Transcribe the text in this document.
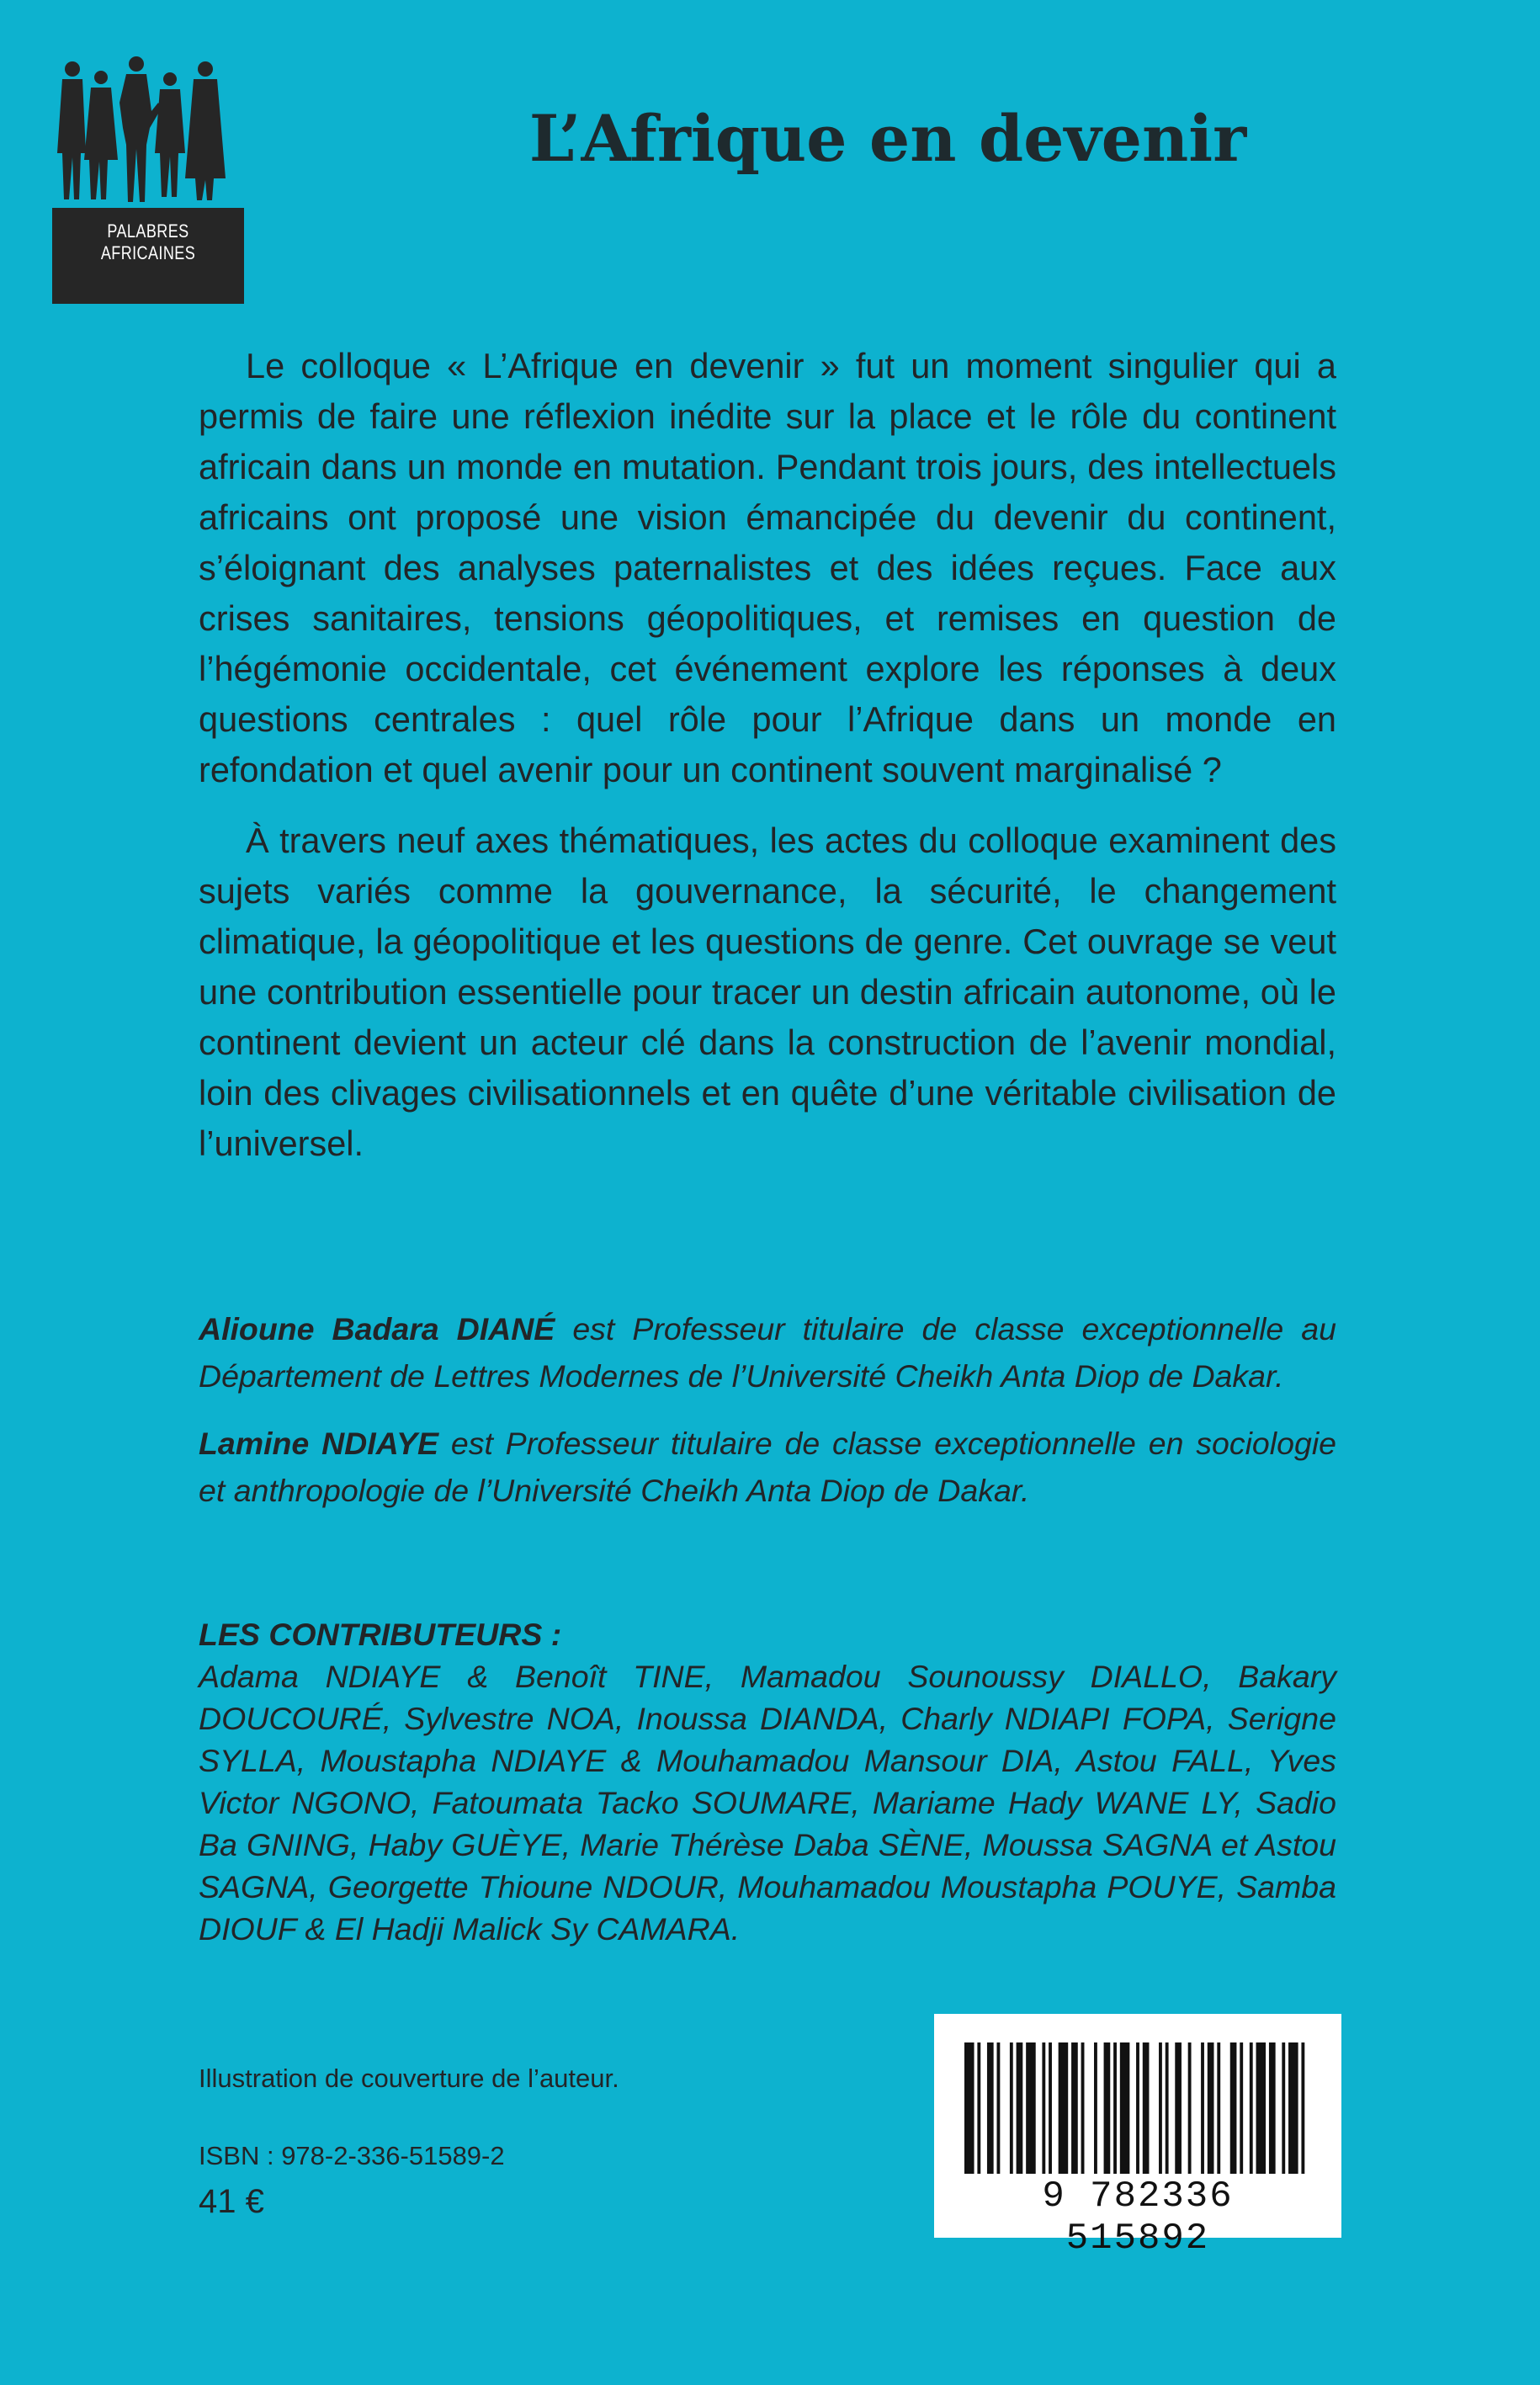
PALABRES AFRICAINES
L’Afrique en devenir

Le colloque « L’Afrique en devenir » fut un moment singulier qui a permis de faire une réflexion inédite sur la place et le rôle du continent africain dans un monde en mutation. Pendant trois jours, des intellectuels africains ont proposé une vision émancipée du devenir du continent, s’éloignant des analyses paternalistes et des idées reçues. Face aux crises sanitaires, tensions géopolitiques, et remises en question de l’hégémonie occidentale, cet événement explore les réponses à deux questions centrales : quel rôle pour l’Afrique dans un monde en refondation et quel avenir pour un continent souvent marginalisé ?

À travers neuf axes thématiques, les actes du colloque examinent des sujets variés comme la gouvernance, la sécurité, le changement climatique, la géopolitique et les questions de genre. Cet ouvrage se veut une contribution essentielle pour tracer un destin africain autonome, où le continent devient un acteur clé dans la construction de l’avenir mondial, loin des clivages civilisationnels et en quête d’une véritable civilisation de l’universel.

Alioune Badara DIANÉ est Professeur titulaire de classe exceptionnelle au Département de Lettres Modernes de l’Université Cheikh Anta Diop de Dakar.

Lamine NDIAYE est Professeur titulaire de classe exceptionnelle en sociologie et anthropologie de l’Université Cheikh Anta Diop de Dakar.

LES CONTRIBUTEURS :

Adama NDIAYE & Benoît TINE, Mamadou Sounoussy DIALLO, Bakary DOUCOURÉ, Sylvestre NOA, Inoussa DIANDA, Charly NDIAPI FOPA, Serigne SYLLA, Moustapha NDIAYE & Mouhamadou Mansour DIA, Astou FALL, Yves Victor NGONO, Fatoumata Tacko SOUMARE, Mariame Hady WANE LY, Sadio Ba GNING, Haby GUÈYE, Marie Thérèse Daba SÈNE, Moussa SAGNA et Astou SAGNA, Georgette Thioune NDOUR, Mouhamadou Moustapha POUYE, Samba DIOUF & El Hadji Malick Sy CAMARA.

Illustration de couverture de l’auteur.

ISBN : 978-2-336-51589-2

41 €	9 782336 515892
